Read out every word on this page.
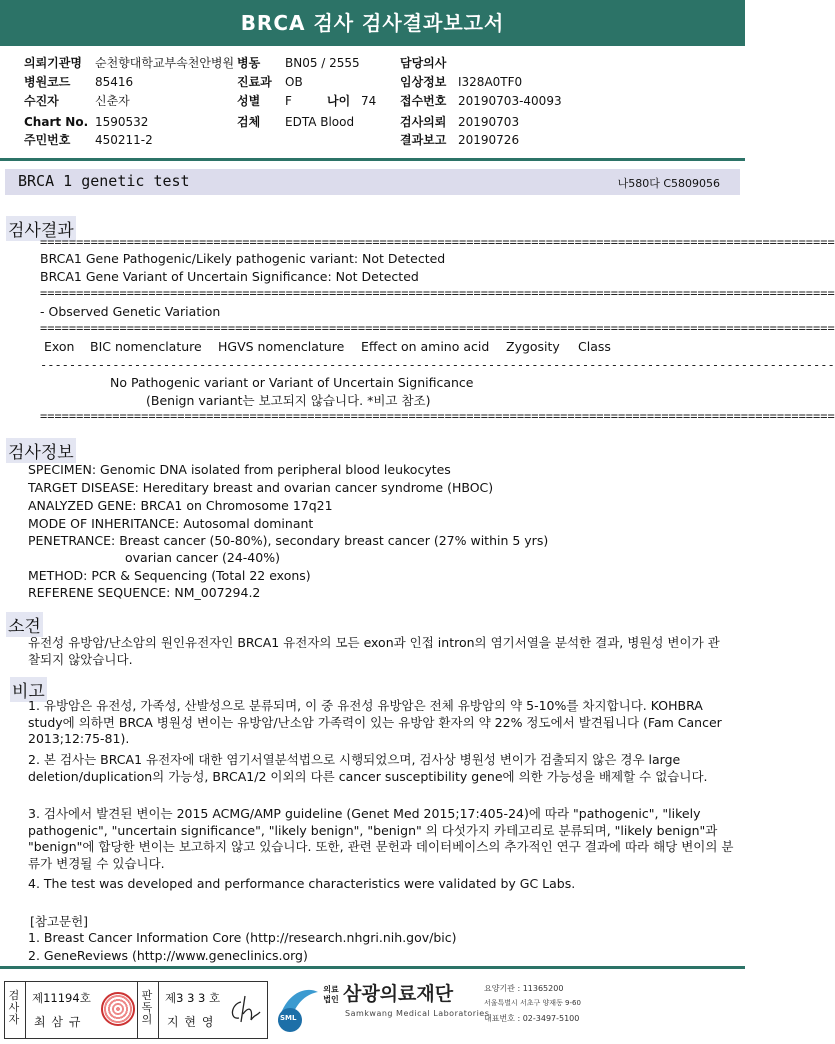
BRCA 검사 검사결과보고서
의뢰기관명 순천향대학교부속천안병원 병동 BN05 / 2555	담당의사
병원코드 85416	진료과 OB	임상정보 I328A0TF0
수진자	신춘자	성별 F	나이 74 접수번호 20190703-40093
Chart No. 1590532	검체 EDTA Blood	검사의뢰 20190703
주민번호 450211-2	결과보고 20190726
BRCA 1 genetic test	나580다 C5809056
검사결과
==============================================================================================================
BRCA1 Gene Pathogenic/Likely pathogenic variant: Not Detected
BRCA1 Gene Variant of Uncertain Significance: Not Detected
==============================================================================================================
- Observed Genetic Variation
==============================================================================================================
Exon BIC nomenclature HGVS nomenclature Effect on amino acid Zygosity Class
--------------------------------------------------------------------------------------------------------------
No Pathogenic variant or Variant of Uncertain Significance
(Benign variant는 보고되지 않습니다. *비고 참조)
==============================================================================================================
검사정보
SPECIMEN: Genomic DNA isolated from peripheral blood leukocytes
TARGET DISEASE: Hereditary breast and ovarian cancer syndrome (HBOC)
ANALYZED GENE: BRCA1 on Chromosome 17q21
MODE OF INHERITANCE: Autosomal dominant
PENETRANCE: Breast cancer (50-80%), secondary breast cancer (27% within 5 yrs)
ovarian cancer (24-40%)
METHOD: PCR & Sequencing (Total 22 exons)
REFERENE SEQUENCE: NM_007294.2
소견
유전성 유방암/난소암의 원인유전자인 BRCA1 유전자의 모든 exon과 인접 intron의 염기서열을 분석한 결과, 병원성 변이가 관찰되지 않았습니다.
비고
1. 유방암은 유전성, 가족성, 산발성으로 분류되며, 이 중 유전성 유방암은 전체 유방암의 약 5-10%를 차지합니다. KOHBRA study에 의하면 BRCA 병원성 변이는 유방암/난소암 가족력이 있는 유방암 환자의 약 22% 정도에서 발견됩니다 (Fam Cancer 2013;12:75-81).
2. 본 검사는 BRCA1 유전자에 대한 염기서열분석법으로 시행되었으며, 검사상 병원성 변이가 검출되지 않은 경우 large deletion/duplication의 가능성, BRCA1/2 이외의 다른 cancer susceptibility gene에 의한 가능성을 배제할 수 없습니다.
3. 검사에서 발견된 변이는 2015 ACMG/AMP guideline (Genet Med 2015;17:405-24)에 따라 "pathogenic", "likely pathogenic", "uncertain significance", "likely benign", "benign" 의 다섯가지 카테고리로 분류되며, "likely benign"과 "benign"에 합당한 변이는 보고하지 않고 있습니다. 또한, 관련 문헌과 데이터베이스의 추가적인 연구 결과에 따라 해당 변이의 분류가 변경될 수 있습니다.
4. The test was developed and performance characteristics were validated by GC Labs.
[참고문헌]
1. Breast Cancer Information Core (http://research.nhgri.nih.gov/bic)
2. GeneReviews (http://www.geneclinics.org)
검사자
제11194호
최 삼 규
판독의
제3 3 3 호
지 현 영	SML
의료법인 삼광의료재단
Samkwang Medical Laboratories
요양기관 : 11365200
서울특별시 서초구 양재동 9-60
대표번호 : 02-3497-5100
